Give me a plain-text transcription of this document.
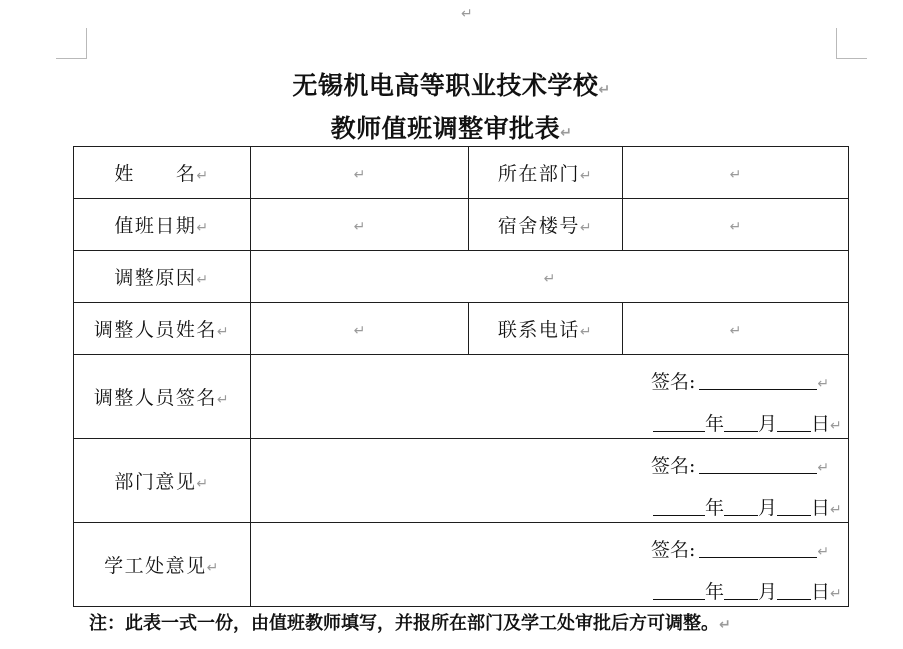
↵
无锡机电高等职业技术学校↵
教师值班调整审批表↵
姓　　名↵	↵	所在部门↵	↵
值班日期↵	↵	宿舍楼号↵	↵
调整原因↵	↵		
调整人员姓名↵	↵	联系电话↵	↵
调整人员签名↵	签名: ↵
年 月 日↵		

部门意见↵	签名: ↵
年 月 日↵		

学工处意见↵	签名: ↵
年 月 日↵		
注：此表一式一份，由值班教师填写，并报所在部门及学工处审批后方可调整。↵
